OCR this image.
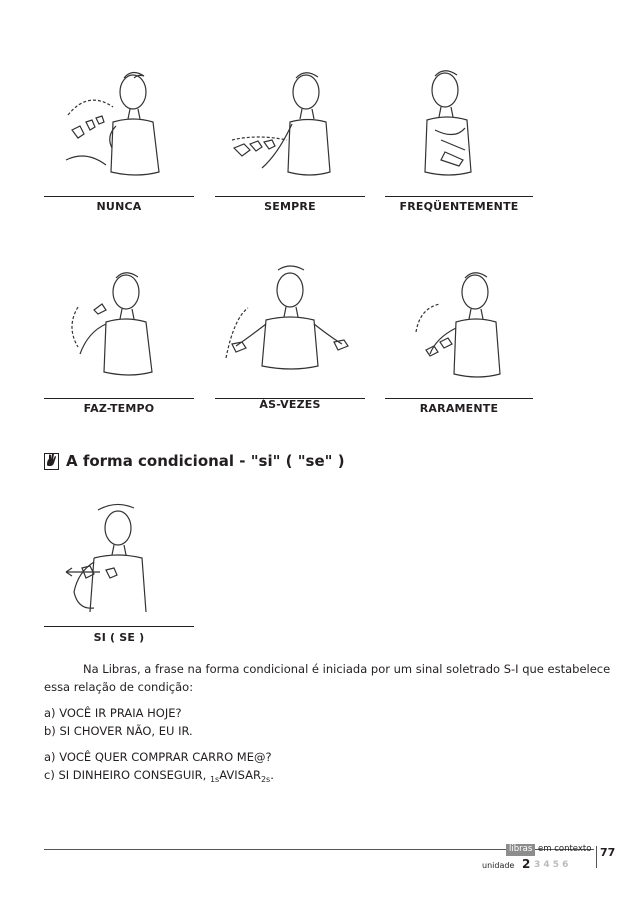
NUNCA	SEMPRE	FREQÜENTEMENTE
FAZ-TEMPO	ÀS-VEZES	RARAMENTE
A forma condicional - "si" ( "se" )
SI ( SE )
Na Libras, a frase na forma condicional é iniciada por um sinal soletrado S-I que estabelece
essa relação de condição:
a) VOCÊ IR PRAIA HOJE?
b) SI CHOVER NÃO, EU IR.
a) VOCÊ QUER COMPRAR CARRO ME@?
c) SI DINHEIRO CONSEGUIR, $_{1s}AVISAR_{2s}$.
libras em contexto
unidade 2 3 4 5 6
77
